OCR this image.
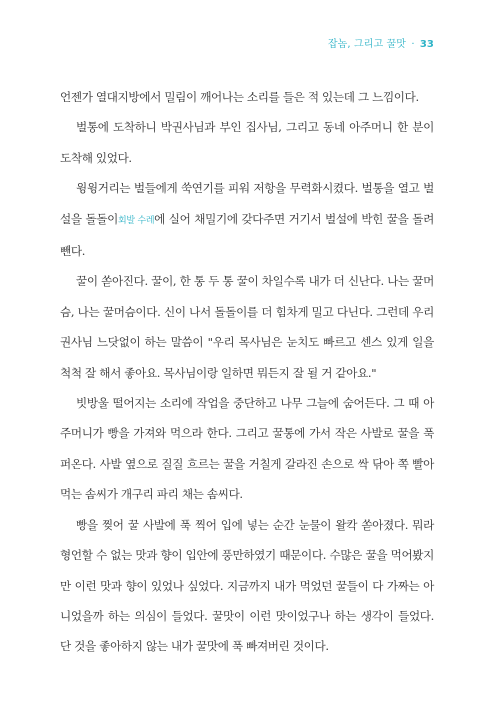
잡놈, 그리고 꿀맛 · 33

언젠가 열대지방에서 밀림이 깨어나는 소리를 들은 적 있는데 그 느낌이다.

벌통에 도착하니 박권사님과 부인 집사님, 그리고 동네 아주머니 한 분이 도착해 있었다.

윙윙거리는 벌들에게 쑥연기를 피워 저항을 무력화시켰다. 벌통을 열고 벌설을 돌돌이회발 수레에 실어 채밀기에 갖다주면 거기서 벌설에 박힌 꿀을 돌려 뺀다.

꿀이 쏟아진다. 꿀이, 한 통 두 통 꿀이 차일수록 내가 더 신난다. 나는 꿀머슴, 나는 꿀머슴이다. 신이 나서 돌돌이를 더 힘차게 밀고 다닌다. 그런데 우리 권사님 느닷없이 하는 말씀이 "우리 목사님은 눈치도 빠르고 센스 있게 일을 척척 잘 해서 좋아요. 목사님이랑 일하면 뭐든지 잘 될 거 같아요."

빗방울 떨어지는 소리에 작업을 중단하고 나무 그늘에 숨어든다. 그 때 아주머니가 빵을 가져와 먹으라 한다. 그리고 꿀통에 가서 작은 사발로 꿀을 푹 퍼온다. 사발 옆으로 질질 흐르는 꿀을 거칠게 갈라진 손으로 싹 닦아 쪽 빨아먹는 솜씨가 개구리 파리 채는 솜씨다.

빵을 찢어 꿀 사발에 푹 찍어 입에 넣는 순간 눈물이 왈칵 쏟아졌다. 뭐라 형언할 수 없는 맛과 향이 입안에 풍만하였기 때문이다. 수많은 꿀을 먹어봤지만 이런 맛과 향이 있었나 싶었다. 지금까지 내가 먹었던 꿀들이 다 가짜는 아니었을까 하는 의심이 들었다. 꿀맛이 이런 맛이었구나 하는 생각이 들었다. 단 것을 좋아하지 않는 내가 꿀맛에 푹 빠져버린 것이다.
